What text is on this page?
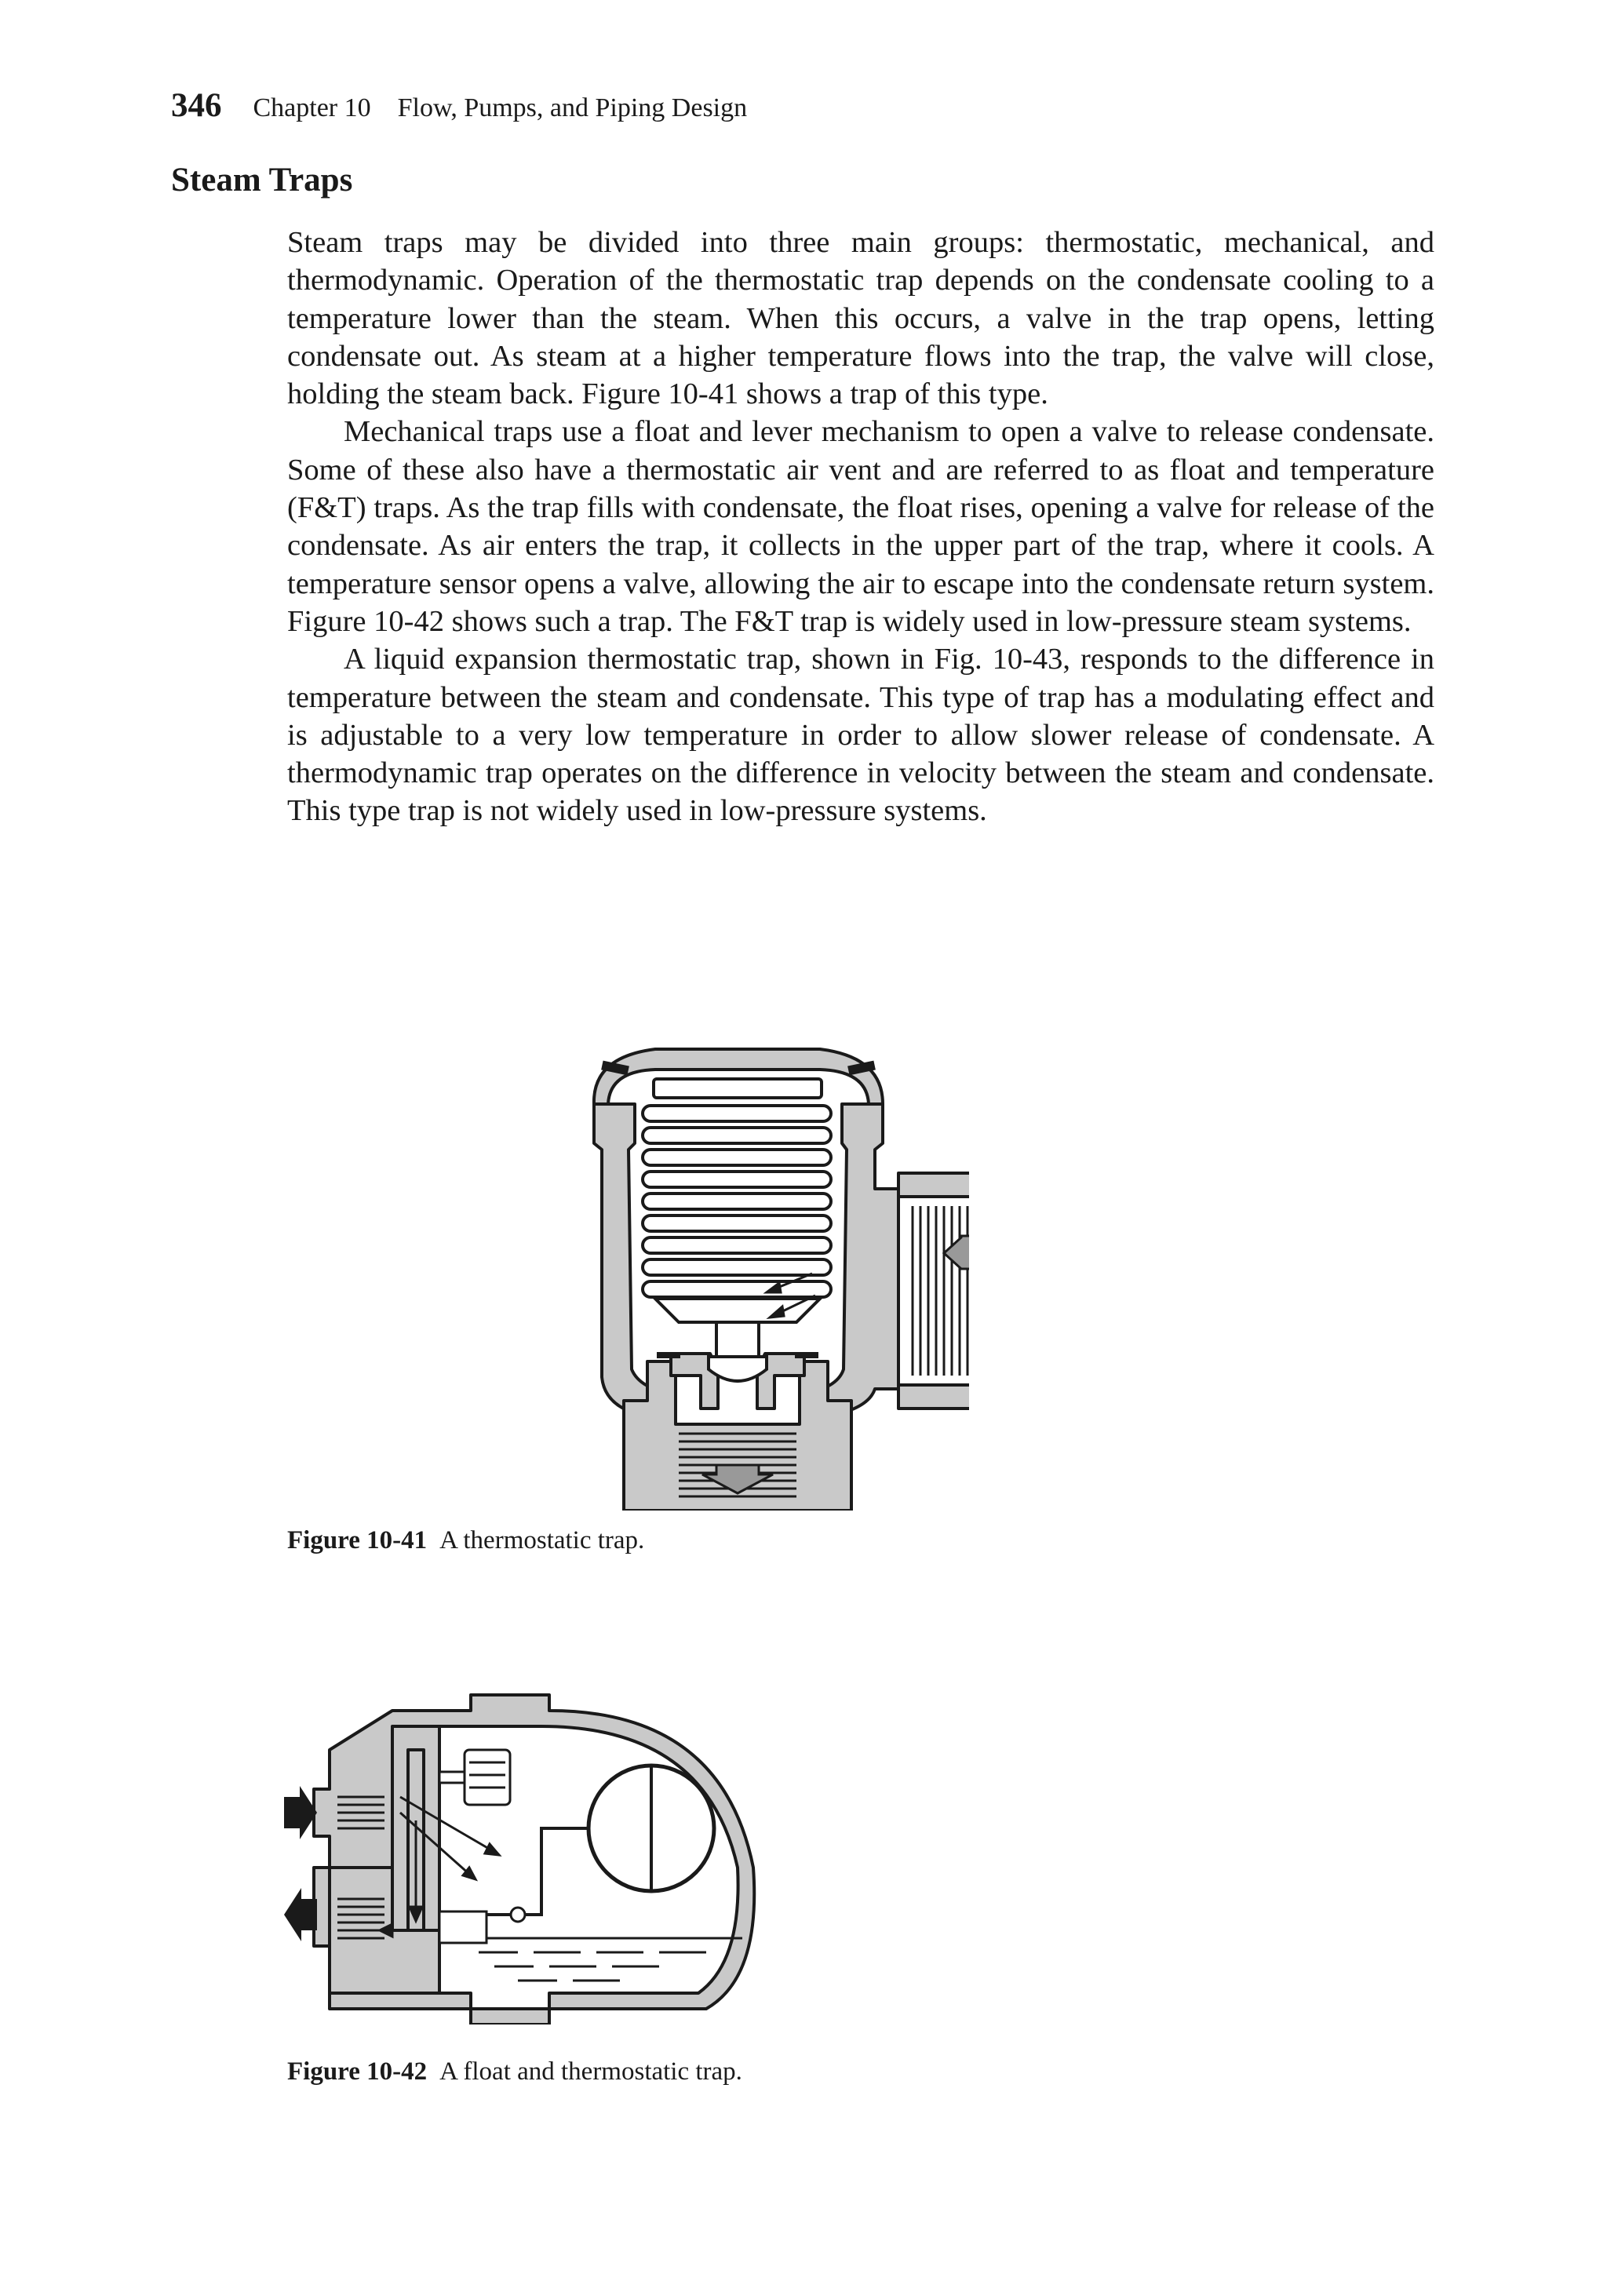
346 Chapter 10    Flow, Pumps, and Piping Design
Steam Traps

Steam traps may be divided into three main groups: thermostatic, mechanical, and thermodynamic. Operation of the thermostatic trap depends on the condensate cooling to a temperature lower than the steam. When this occurs, a valve in the trap opens, letting condensate out. As steam at a higher temperature flows into the trap, the valve will close, holding the steam back. Figure 10-41 shows a trap of this type.

Mechanical traps use a float and lever mechanism to open a valve to release condensate. Some of these also have a thermostatic air vent and are referred to as float and temperature (F&T) traps. As the trap fills with condensate, the float rises, opening a valve for release of the condensate. As air enters the trap, it collects in the upper part of the trap, where it cools. A temperature sensor opens a valve, allowing the air to escape into the condensate return system. Figure 10-42 shows such a trap. The F&T trap is widely used in low-pressure steam systems.

A liquid expansion thermostatic trap, shown in Fig. 10-43, responds to the difference in temperature between the steam and condensate. This type of trap has a modulating effect and is adjustable to a very low temperature in order to allow slower release of condensate. A thermodynamic trap operates on the difference in velocity between the steam and condensate. This type trap is not widely used in low-pressure systems.

Figure 10-41 A thermostatic trap.
Figure 10-42 A float and thermostatic trap.
